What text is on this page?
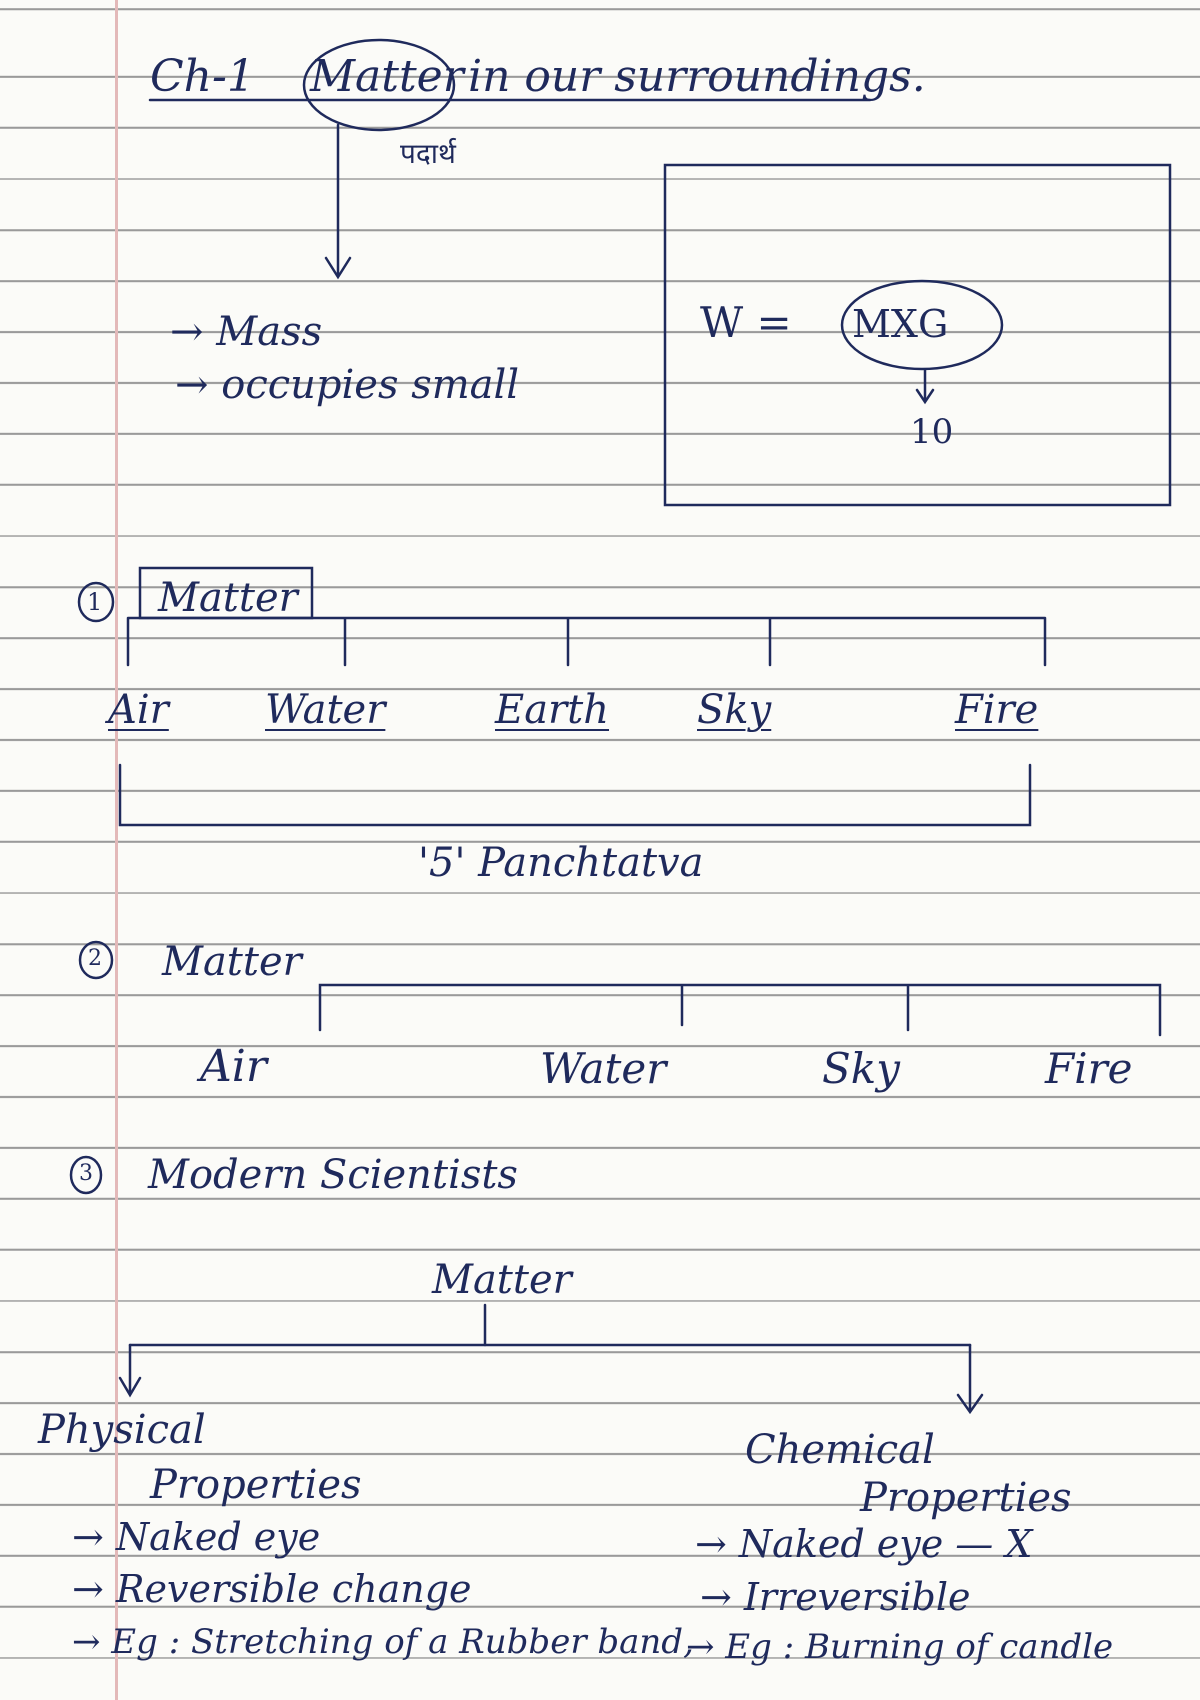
Ch-1 Matter in our surroundings.
पदार्थ
→ Mass
→ occupies small
W = MXG
10
1 Matter
Air Water	Earth Sky	Fire
'5' Panchtatva
2 Matter
Air	Water	Sky	Fire
3 Modern Scientists
Matter
Physical
Properties
Chemical
Properties
→ Naked eye
→ Reversible change
→ Eg : Stretching of a Rubber band,
→ Naked eye — X
→ Irreversible
→ Eg : Burning of candle
